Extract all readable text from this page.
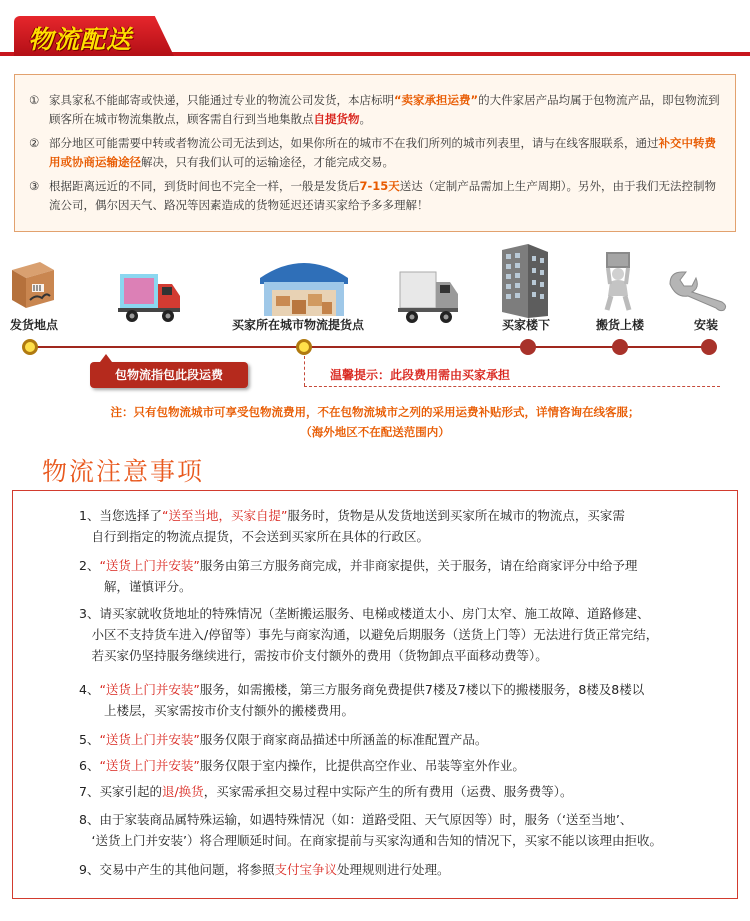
物流配送
① 家具家私不能邮寄或快递，只能通过专业的物流公司发货，本店标明“卖家承担运费”的大件家居产品均属于包物流产品，即包物流到顾客所在城市物流集散点，顾客需自行到当地集散点自提货物。
② 部分地区可能需要中转或者物流公司无法到达，如果你所在的城市不在我们所列的城市列表里，请与在线客服联系，通过补交中转费用或协商运输途径解决，只有我们认可的运输途径，才能完成交易。
③ 根据距离远近的不同，到货时间也不完全一样，一般是发货后7-15天送达（定制产品需加上生产周期）。另外，由于我们无法控制物流公司，偶尔因天气、路况等因素造成的货物延迟还请买家给予多多理解！
发货地点	买家所在城市物流提货点	买家楼下	搬货上楼	安装
包物流指包此段运费	温馨提示：此段费用需由买家承担
注：只有包物流城市可享受包物流费用，不在包物流城市之列的采用运费补贴形式，详情咨询在线客服；
（海外地区不在配送范围内）
物流注意事项
1、当您选择了“送至当地，买家自提”服务时，货物是从发货地送到买家所在城市的物流点，买家需
　自行到指定的物流点提货，不会送到买家所在具体的行政区。
2、“送货上门并安装”服务由第三方服务商完成，并非商家提供，关于服务，请在给商家评分中给予理
　　解，谨慎评分。
3、请买家就收货地址的特殊情况（垄断搬运服务、电梯或楼道太小、房门太窄、施工故障、道路修建、
　小区不支持货车进入/停留等）事先与商家沟通，以避免后期服务（送货上门等）无法进行货正常完结，
　若买家仍坚持服务继续进行，需按市价支付额外的费用（货物卸点平面移动费等）。
4、“送货上门并安装”服务，如需搬楼，第三方服务商免费提供7楼及7楼以下的搬楼服务，8楼及8楼以
　　上楼层，买家需按市价支付额外的搬楼费用。
5、“送货上门并安装”服务仅限于商家商品描述中所涵盖的标准配置产品。
6、“送货上门并安装”服务仅限于室内操作，比提供高空作业、吊装等室外作业。
7、买家引起的退/换货，买家需承担交易过程中实际产生的所有费用（运费、服务费等）。
8、由于家装商品属特殊运输，如遇特殊情况（如：道路受阻、天气原因等）时，服务（‘送至当地’、
　‘送货上门并安装’）将合理顺延时间。在商家提前与买家沟通和告知的情况下，买家不能以该理由拒收。
9、交易中产生的其他问题，将参照支付宝争议处理规则进行处理。
